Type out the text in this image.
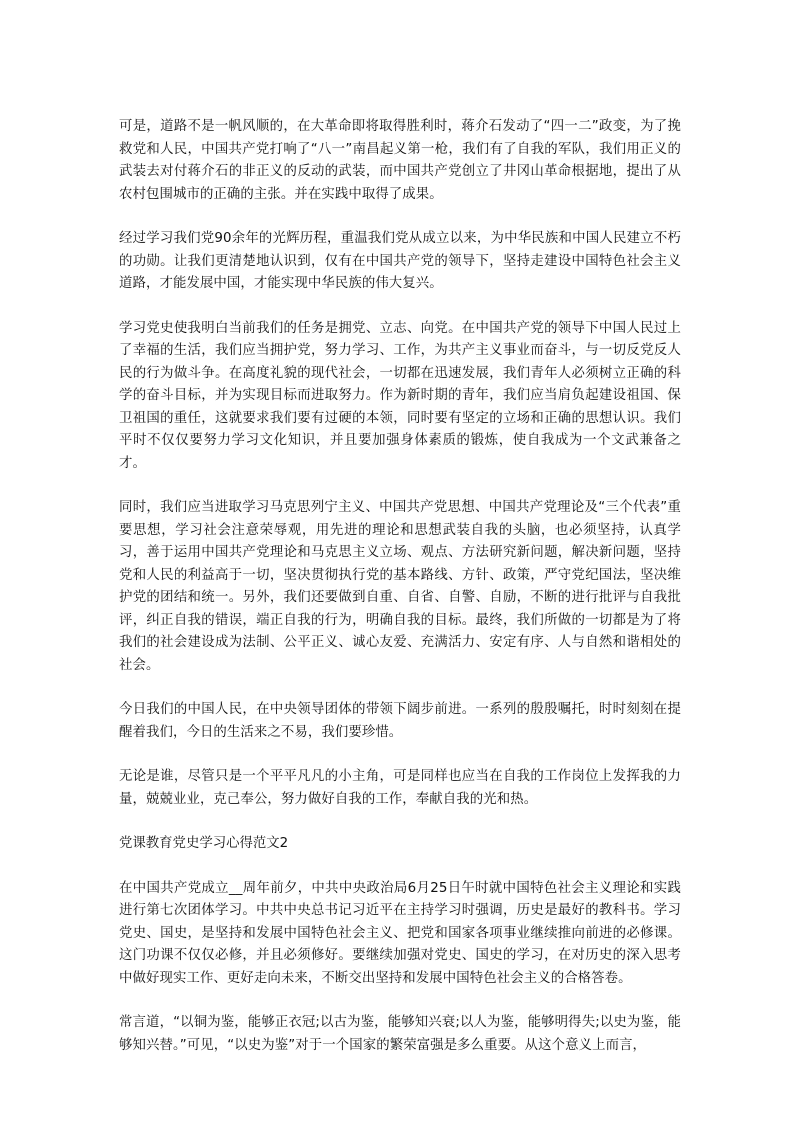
可是，道路不是一帆风顺的，在大革命即将取得胜利时，蒋介石发动了“四一二”政变，为了挽救党和人民，中国共产党打响了“八一”南昌起义第一枪，我们有了自我的军队，我们用正义的武装去对付蒋介石的非正义的反动的武装，而中国共产党创立了井冈山革命根据地，提出了从农村包围城市的正确的主张。并在实践中取得了成果。

经过学习我们党90余年的光辉历程，重温我们党从成立以来，为中华民族和中国人民建立不朽的功勋。让我们更清楚地认识到，仅有在中国共产党的领导下，坚持走建设中国特色社会主义道路，才能发展中国，才能实现中华民族的伟大复兴。

学习党史使我明白当前我们的任务是拥党、立志、向党。在中国共产党的领导下中国人民过上了幸福的生活，我们应当拥护党，努力学习、工作，为共产主义事业而奋斗，与一切反党反人民的行为做斗争。在高度礼貌的现代社会，一切都在迅速发展，我们青年人必须树立正确的科学的奋斗目标，并为实现目标而进取努力。作为新时期的青年，我们应当肩负起建设祖国、保卫祖国的重任，这就要求我们要有过硬的本领，同时要有坚定的立场和正确的思想认识。我们平时不仅仅要努力学习文化知识，并且要加强身体素质的锻炼，使自我成为一个文武兼备之才。

同时，我们应当进取学习马克思列宁主义、中国共产党思想、中国共产党理论及“三个代表”重要思想，学习社会注意荣辱观，用先进的理论和思想武装自我的头脑，也必须坚持，认真学习，善于运用中国共产党理论和马克思主义立场、观点、方法研究新问题，解决新问题，坚持党和人民的利益高于一切，坚决贯彻执行党的基本路线、方针、政策，严守党纪国法，坚决维护党的团结和统一。另外，我们还要做到自重、自省、自警、自励，不断的进行批评与自我批评，纠正自我的错误，端正自我的行为，明确自我的目标。最终，我们所做的一切都是为了将我们的社会建设成为法制、公平正义、诚心友爱、充满活力、安定有序、人与自然和谐相处的社会。

今日我们的中国人民，在中央领导团体的带领下阔步前进。一系列的殷殷嘱托，时时刻刻在提醒着我们，今日的生活来之不易，我们要珍惜。

无论是谁，尽管只是一个平平凡凡的小主角，可是同样也应当在自我的工作岗位上发挥我的力量，兢兢业业，克己奉公，努力做好自我的工作，奉献自我的光和热。

党课教育党史学习心得范文2

在中国共产党成立__周年前夕，中共中央政治局6月25日午时就中国特色社会主义理论和实践进行第七次团体学习。中共中央总书记习近平在主持学习时强调，历史是最好的教科书。学习党史、国史，是坚持和发展中国特色社会主义、把党和国家各项事业继续推向前进的必修课。这门功课不仅仅必修，并且必须修好。要继续加强对党史、国史的学习，在对历史的深入思考中做好现实工作、更好走向未来，不断交出坚持和发展中国特色社会主义的合格答卷。

常言道，“以铜为鉴，能够正衣冠;以古为鉴，能够知兴衰;以人为鉴，能够明得失;以史为鉴，能够知兴替。”可见，“以史为鉴”对于一个国家的繁荣富强是多么重要。从这个意义上而言，
